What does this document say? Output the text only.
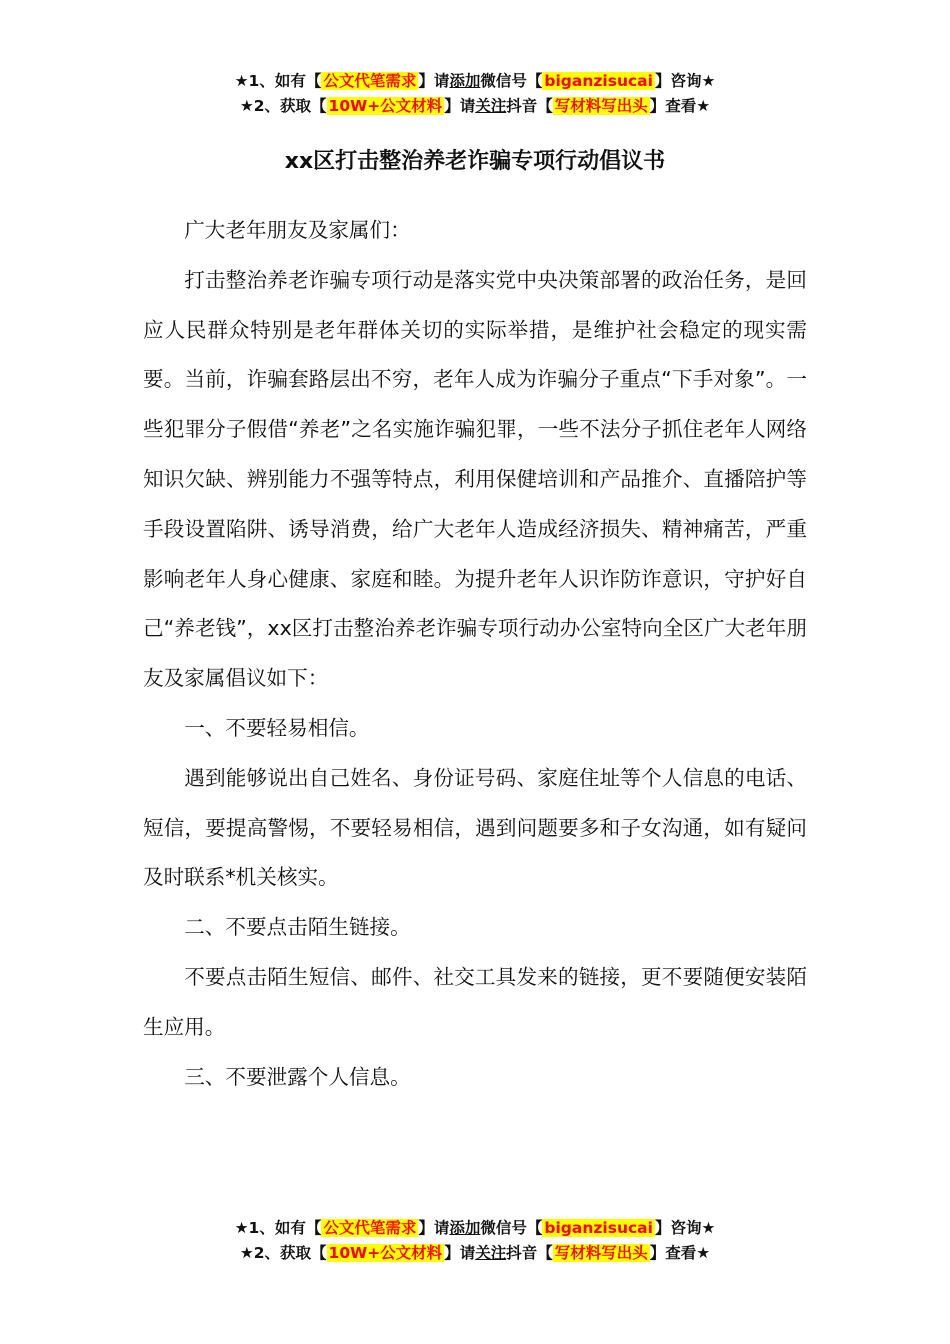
★1、如有【 公文代笔需求 】请添加微信号【 biganzisucai 】咨询★
★2、获取【 10W+公文材料 】请关注抖音【 写材料写出头 】查看★
xx区打击整治养老诈骗专项行动倡议书

广大老年朋友及家属们：

打击整治养老诈骗专项行动是落实党中央决策部署的政治任务，是回应人民群众特别是老年群体关切的实际举措，是维护社会稳定的现实需要。当前，诈骗套路层出不穷，老年人成为诈骗分子重点“下手对象”。一些犯罪分子假借“养老”之名实施诈骗犯罪，一些不法分子抓住老年人网络知识欠缺、辨别能力不强等特点，利用保健培训和产品推介、直播陪护等手段设置陷阱、诱导消费，给广大老年人造成经济损失、精神痛苦，严重影响老年人身心健康、家庭和睦。为提升老年人识诈防诈意识，守护好自己“养老钱”，xx区打击整治养老诈骗专项行动办公室特向全区广大老年朋友及家属倡议如下：

一、不要轻易相信。

遇到能够说出自己姓名、身份证号码、家庭住址等个人信息的电话、短信，要提高警惕，不要轻易相信，遇到问题要多和子女沟通，如有疑问及时联系*机关核实。

二、不要点击陌生链接。

不要点击陌生短信、邮件、社交工具发来的链接，更不要随便安装陌生应用。

三、不要泄露个人信息。

★1、如有【 公文代笔需求 】请添加微信号【 biganzisucai 】咨询★
★2、获取【 10W+公文材料 】请关注抖音【 写材料写出头 】查看★
